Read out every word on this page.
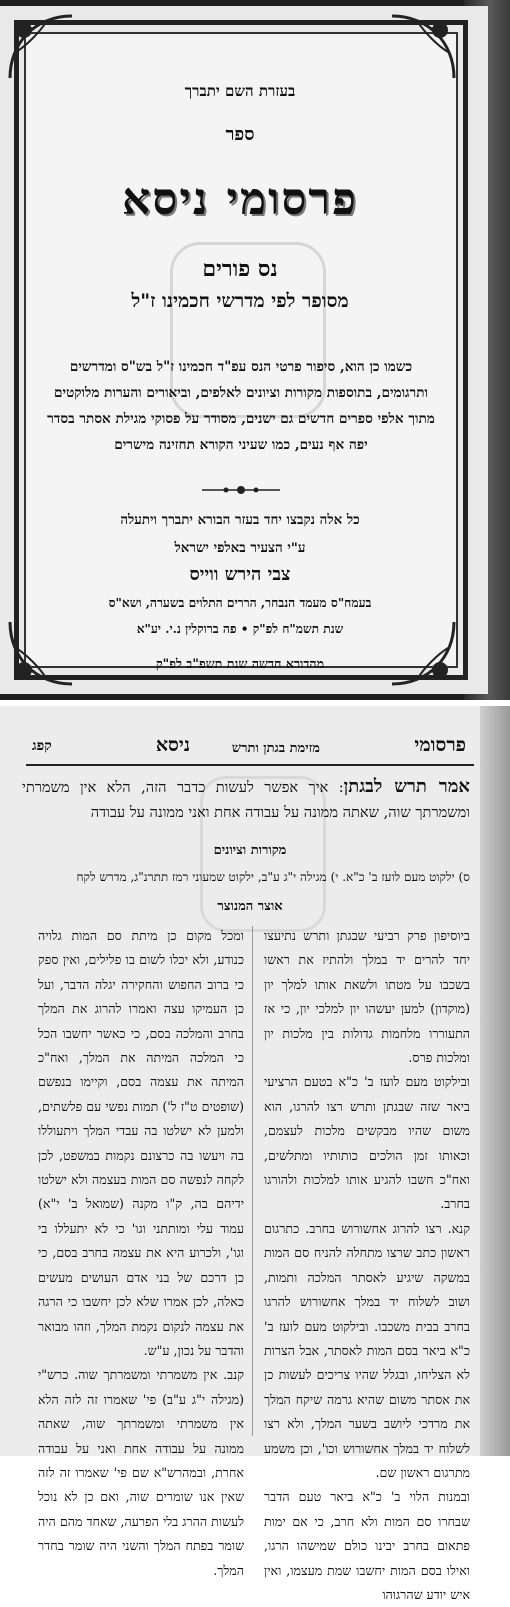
בעזרת השם יתברך
ספר
פרסומי ניסא
נס פורים
מסופר לפי מדרשי חכמינו ז"ל
כשמו כן הוא, סיפור פרטי הנס עפ"ד חכמינו ז"ל בש"ס ומדרשים ותרגומים, בתוספות מקורות וציונים לאלפים, וביאורים והערות מלוקטים מתוך אלפי ספרים חדשים גם ישנים, מסודר על פסוקי מגילת אסתר בסדר יפה אף נעים, כמו שעיני הקורא תחזינה מישרים
כל אלה נקבצו יחד בעזר הבורא יתברך ויתעלה
ע"י הצעיר באלפי ישראל
צבי הירש ווייס
בעמח"ס מעמד הנבחר, הררים התלוים בשערה, ושא"ס
שנת תשמ"ח לפ"ק • פה ברוקלין נ.י. יע"א
מהדורא חדשה שנת תשפ"ב לפ"ק
פרסומי
מזימת בגתן ותרש
ניסא
קפג
אמר תרש לבגתן: איך אפשר לעשות כדבר הזה, הלא אין משמרתי ומשמרתך שוה, שאתה ממונה על עבודה אחת ואני ממונה על עבודה
מקורות וציונים
ס) ילקוט מעם לועז ב' כ"א. י) מגילה י"ג ע"ב, ילקוט שמעוני רמז תתרנ"ג, מדרש לקח
אוצר המנוצר

ביוסיפון פרק רביעי שבגתן ותרש נתיעצו יחד להרים יד במלך ולהתיז את ראשו בשכבו על מטתו ולשאת אותו למלך יון (מוקדון) למען יעשהו יון למלכי יון, כי אז התעוררו מלחמות גדולות בין מלכות יון ומלכות פרס.

ובילקוט מעם לועז ב' כ"א בטעם הרציעי ביאר שזה שבגתן ותרש רצו להרגו, הוא משום שהיו מבקשים מלכות לעצמם, וכאותו זמן הולכים כותותיו ומתלשים, ואח"כ חשבו להגיע אותו למלכות ולהורגו בחרב.

קנא. רצו להרוג אחשורוש בחרב. כתרגום ראשון כתב שרצו מתחלה להניח סם המות במשקה שיגיע לאסתר המלכה ותמות, ושוב לשלוח יד במלך אחשורוש להרגו בחרב בבית משכבו. ובילקוט מעם לועז ב' כ"א ביאר בסם המות לאסתר, אבל הצרות לא הצליחו, ובגלל שהיו צריכים לעשות כן את אסתר משום שהיא גרמה שיקח המלך את מרדכי ליושב בשער המלך, ולא רצו לשלוח יד במלך אחשורוש וכו', וכן משמע מתרגום ראשון שם.

ובמנות הלוי ב' כ"א ביאר טעם הדבר שבחרו סם המות ולא חרב, כי אם ימות פתאום בחרב יבינו כולם שמישהו הרגו, ואילו בסם המות יחשבו שמת מעצמו, ואין איש יודע שהרגוהו

ומכל מקום כן מיתת סם המות גלויה כנודע, ולא יכלו לשום בו פלילים, ואין ספק כי ברוב החפוש והחקירה יגלה הדבר, ועל כן העמיקו עצה ואמרו להרוג את המלך בחרב והמלכה בסם, כי כאשר יחשבו הכל כי המלכה המיתה את המלך, ואח"כ המיתה את עצמה בסם, וקיימו בנפשם (שופטים ט"ז ל') תמות נפשי עם פלשתים, ולמען לא ישלטו בה עבדי המלך ויתעוללו בה ויעשו בה כרצונם נקמות במשפט, לכן לקחה לנפשה סם המות בעצמה ולא ישלטו ידיהם בה, ק"ו מקנה (שמואל ב' י"א) עמוד עלי ומותתני וגו' כי לא יתעללו בי וגו', ולכרוע היא את עצמה בחרב בסם, כי כן דרכם של בני אדם העושים מעשים כאלה, לכן אמרו שלא לכן יחשבו כי הרגה את עצמה לנקום נקמת המלך, וזהו מבואר והדבר על נכון, ע"ש.

קנב. אין משמרתי ומשמרתך שוה. כרש"י (מגילה י"ג ע"ב) פי' שאמרו זה לזה הלא אין משמרתי ומשמרתך שוה, שאתה ממונה על עבודה אחת ואני על עבודה אחרת, ובמהרש"א שם פי' שאמרו זה לזה שאין אנו שומרים שוה, ואם כן לא נוכל לעשות ההרג בלי הפרעה, שאחד מהם היה שומר בפתח המלך והשני היה שומר בחדר המלך.
